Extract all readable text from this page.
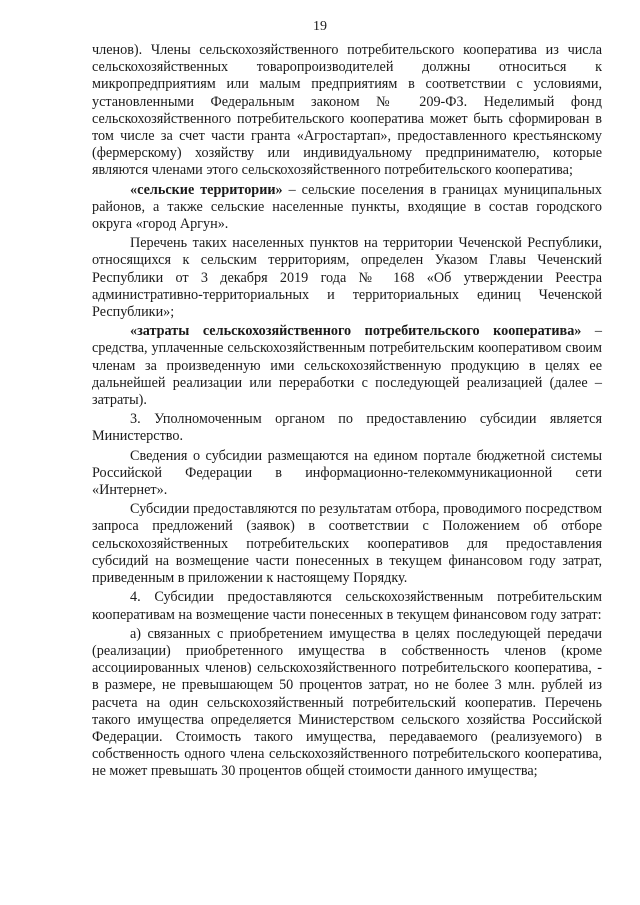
19

членов). Члены сельскохозяйственного потребительского кооператива из числа сельскохозяйственных товаропроизводителей должны относиться к микропредприятиям или малым предприятиям в соответствии с условиями, установленными Федеральным законом № 209-ФЗ. Неделимый фонд сельскохозяйственного потребительского кооператива может быть сформирован в том числе за счет части гранта «Агростартап», предоставленного крестьянскому (фермерскому) хозяйству или индивидуальному предпринимателю, которые являются членами этого сельскохозяйственного потребительского кооператива;

«сельские территории» – сельские поселения в границах муниципальных районов, а также сельские населенные пункты, входящие в состав городского округа «город Аргун».

Перечень таких населенных пунктов на территории Чеченской Республики, относящихся к сельским территориям, определен Указом Главы Чеченский Республики от 3 декабря 2019 года № 168 «Об утверждении Реестра административно-территориальных и территориальных единиц Чеченской Республики»;

«затраты сельскохозяйственного потребительского кооператива» – средства, уплаченные сельскохозяйственным потребительским кооперативом своим членам за произведенную ими сельскохозяйственную продукцию в целях ее дальнейшей реализации или переработки с последующей реализацией (далее – затраты).

3. Уполномоченным органом по предоставлению субсидии является Министерство.

Сведения о субсидии размещаются на едином портале бюджетной системы Российской Федерации в информационно-телекоммуникационной сети «Интернет».

Субсидии предоставляются по результатам отбора, проводимого посредством запроса предложений (заявок) в соответствии с Положением об отборе сельскохозяйственных потребительских кооперативов для предоставления субсидий на возмещение части понесенных в текущем финансовом году затрат, приведенным в приложении к настоящему Порядку.

4. Субсидии предоставляются сельскохозяйственным потребительским кооперативам на возмещение части понесенных в текущем финансовом году затрат:

а) связанных с приобретением имущества в целях последующей передачи (реализации) приобретенного имущества в собственность членов (кроме ассоциированных членов) сельскохозяйственного потребительского кооператива, - в размере, не превышающем 50 процентов затрат, но не более 3 млн. рублей из расчета на один сельскохозяйственный потребительский кооператив. Перечень такого имущества определяется Министерством сельского хозяйства Российской Федерации. Стоимость такого имущества, передаваемого (реализуемого) в собственность одного члена сельскохозяйственного потребительского кооператива, не может превышать 30 процентов общей стоимости данного имущества;
